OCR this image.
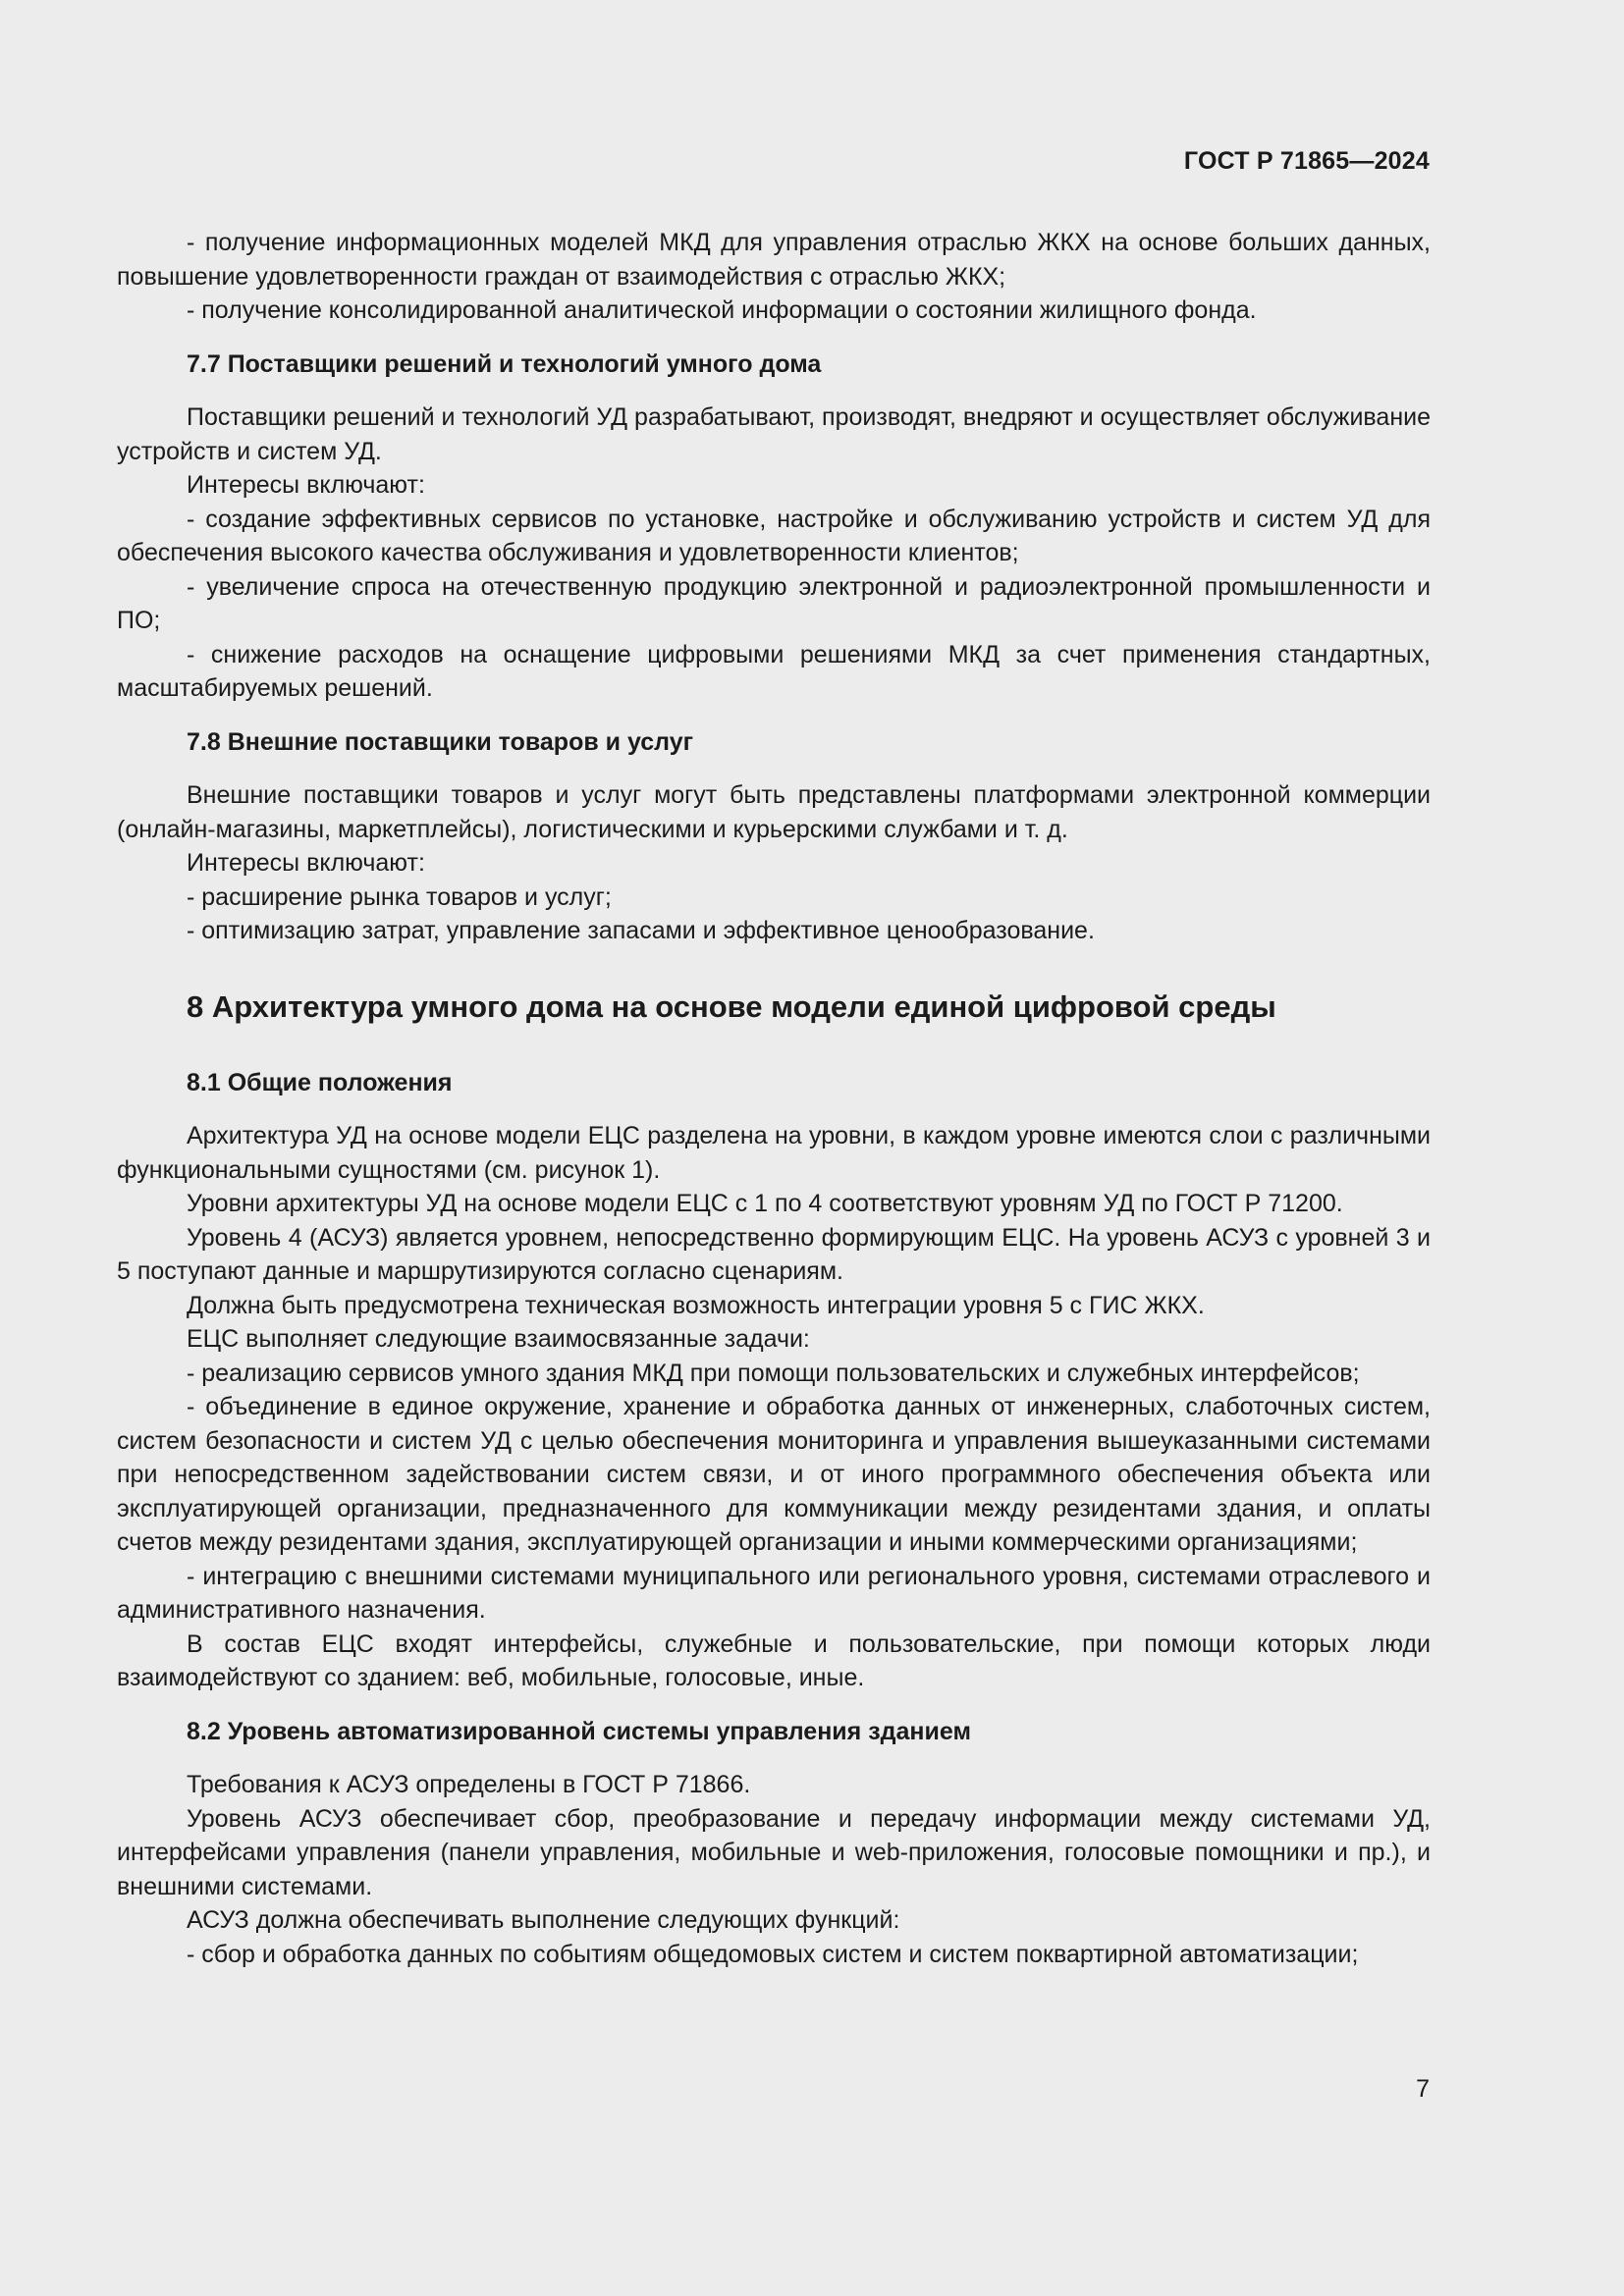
ГОСТ Р 71865—2024

- получение информационных моделей МКД для управления отраслью ЖКХ на основе больших данных, повышение удовлетворенности граждан от взаимодействия с отраслью ЖКХ;

- получение консолидированной аналитической информации о состоянии жилищного фонда.

7.7 Поставщики решений и технологий умного дома

Поставщики решений и технологий УД разрабатывают, производят, внедряют и осуществляет обслуживание устройств и систем УД.

Интересы включают:

- создание эффективных сервисов по установке, настройке и обслуживанию устройств и систем УД для обеспечения высокого качества обслуживания и удовлетворенности клиентов;

- увеличение спроса на отечественную продукцию электронной и радиоэлектронной промышленности и ПО;

- снижение расходов на оснащение цифровыми решениями МКД за счет применения стандартных, масштабируемых решений.

7.8 Внешние поставщики товаров и услуг

Внешние поставщики товаров и услуг могут быть представлены платформами электронной коммерции (онлайн-магазины, маркетплейсы), логистическими и курьерскими службами и т. д.

Интересы включают:

- расширение рынка товаров и услуг;

- оптимизацию затрат, управление запасами и эффективное ценообразование.

8 Архитектура умного дома на основе модели единой цифровой среды

8.1 Общие положения

Архитектура УД на основе модели ЕЦС разделена на уровни, в каждом уровне имеются слои с различными функциональными сущностями (см. рисунок 1).

Уровни архитектуры УД на основе модели ЕЦС с 1 по 4 соответствуют уровням УД по ГОСТ Р 71200.

Уровень 4 (АСУЗ) является уровнем, непосредственно формирующим ЕЦС. На уровень АСУЗ с уровней 3 и 5 поступают данные и маршрутизируются согласно сценариям.

Должна быть предусмотрена техническая возможность интеграции уровня 5 с ГИС ЖКХ.

ЕЦС выполняет следующие взаимосвязанные задачи:

- реализацию сервисов умного здания МКД при помощи пользовательских и служебных интерфейсов;

- объединение в единое окружение, хранение и обработка данных от инженерных, слаботочных систем, систем безопасности и систем УД с целью обеспечения мониторинга и управления вышеуказанными системами при непосредственном задействовании систем связи, и от иного программного обеспечения объекта или эксплуатирующей организации, предназначенного для коммуникации между резидентами здания, и оплаты счетов между резидентами здания, эксплуатирующей организации и иными коммерческими организациями;

- интеграцию с внешними системами муниципального или регионального уровня, системами отраслевого и административного назначения.

В состав ЕЦС входят интерфейсы, служебные и пользовательские, при помощи которых люди взаимодействуют со зданием: веб, мобильные, голосовые, иные.

8.2 Уровень автоматизированной системы управления зданием

Требования к АСУЗ определены в ГОСТ Р 71866.

Уровень АСУЗ обеспечивает сбор, преобразование и передачу информации между системами УД, интерфейсами управления (панели управления, мобильные и web-приложения, голосовые помощники и пр.), и внешними системами.

АСУЗ должна обеспечивать выполнение следующих функций:

- сбор и обработка данных по событиям общедомовых систем и систем поквартирной автоматизации;

7
